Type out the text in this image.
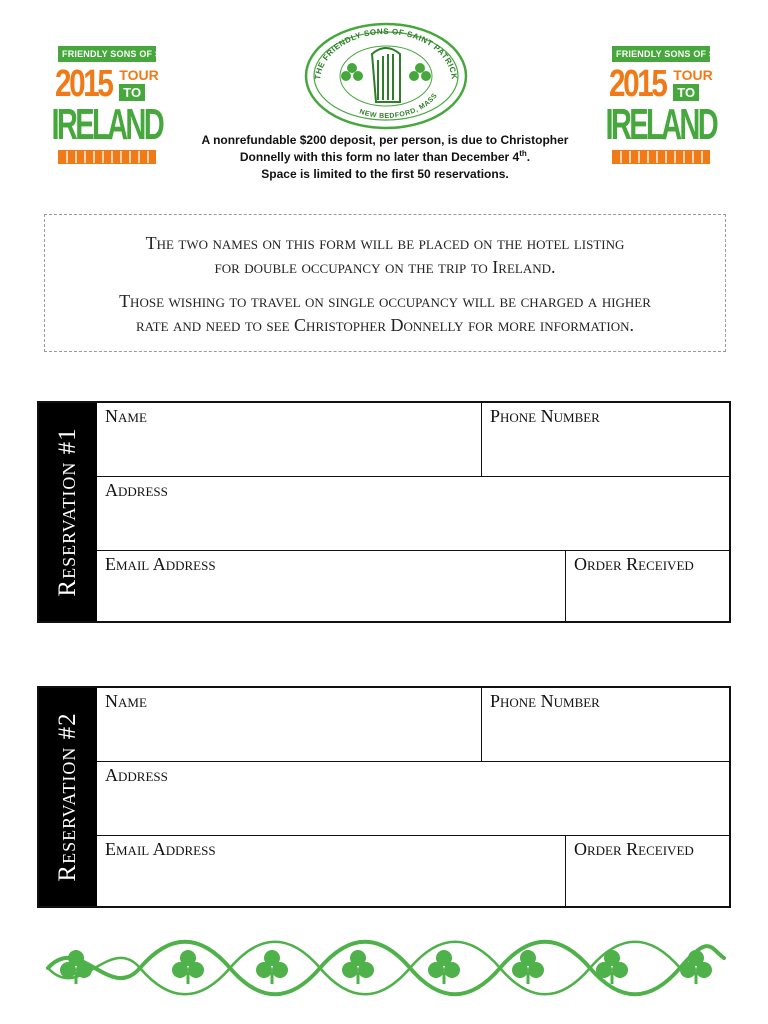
FRIENDLY SONS OF ST. PATRICK
2015 TOUR
TO
IRELAND
FRIENDLY SONS OF ST. PATRICK
2015 TOUR
TO
IRELAND
THE FRIENDLY SONS OF SAINT PATRICK
NEW BEDFORD, MASS

A nonrefundable $200 deposit, per person, is due to Christopher

Donnelly with this form no later than December 4th.

Space is limited to the first 50 reservations.

The two names on this form will be placed on the hotel listing

for double occupancy on the trip to Ireland.

Those wishing to travel on single occupancy will be charged a higher

rate and need to see Christopher Donnelly for more information.

Reservation #1
Name	Phone Number
Address
Email Address	Order Received
Reservation #2
Name	Phone Number
Address
Email Address	Order Received
